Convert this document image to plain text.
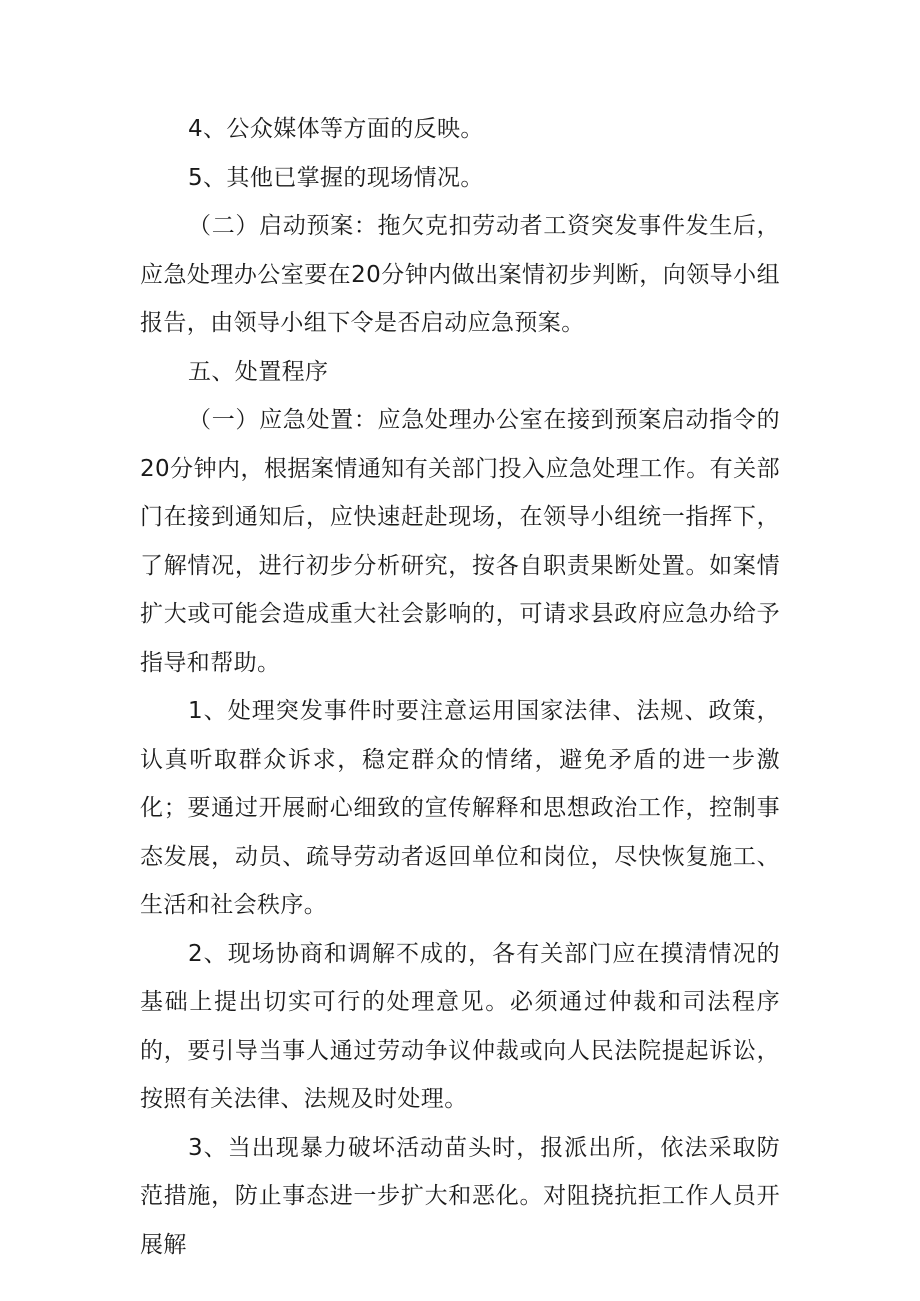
4、公众媒体等方面的反映。

5、其他已掌握的现场情况。

（二）启动预案：拖欠克扣劳动者工资突发事件发生后，应急处理办公室要在20分钟内做出案情初步判断，向领导小组报告，由领导小组下令是否启动应急预案。

五、处置程序

（一）应急处置：应急处理办公室在接到预案启动指令的20分钟内，根据案情通知有关部门投入应急处理工作。有关部门在接到通知后，应快速赶赴现场，在领导小组统一指挥下，了解情况，进行初步分析研究，按各自职责果断处置。如案情扩大或可能会造成重大社会影响的，可请求县政府应急办给予指导和帮助。

1、处理突发事件时要注意运用国家法律、法规、政策，认真听取群众诉求，稳定群众的情绪，避免矛盾的进一步激化；要通过开展耐心细致的宣传解释和思想政治工作，控制事态发展，动员、疏导劳动者返回单位和岗位，尽快恢复施工、生活和社会秩序。

2、现场协商和调解不成的，各有关部门应在摸清情况的基础上提出切实可行的处理意见。必须通过仲裁和司法程序的，要引导当事人通过劳动争议仲裁或向人民法院提起诉讼，按照有关法律、法规及时处理。

3、当出现暴力破坏活动苗头时，报派出所，依法采取防范措施，防止事态进一步扩大和恶化。对阻挠抗拒工作人员开展解
